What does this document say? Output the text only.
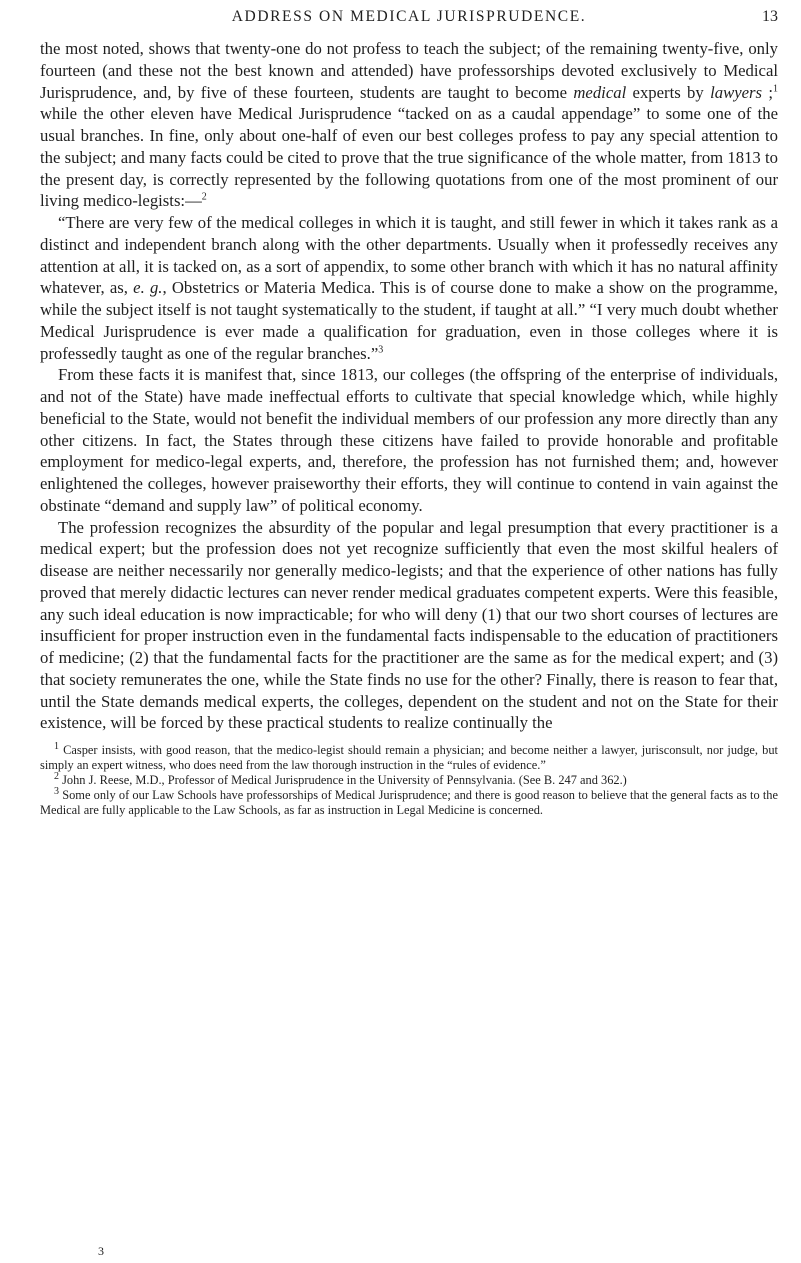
ADDRESS ON MEDICAL JURISPRUDENCE.	13

the most noted, shows that twenty-one do not profess to teach the subject; of the remaining twenty-five, only fourteen (and these not the best known and attended) have professorships devoted exclusively to Medical Jurisprudence, and, by five of these fourteen, students are taught to become medical experts by lawyers ;$^1$ while the other eleven have Medical Jurisprudence “tacked on as a caudal appendage” to some one of the usual branches. In fine, only about one-half of even our best colleges profess to pay any special attention to the subject; and many facts could be cited to prove that the true significance of the whole matter, from 1813 to the present day, is correctly represented by the following quotations from one of the most prominent of our living medico-legists:—$^2$

“There are very few of the medical colleges in which it is taught, and still fewer in which it takes rank as a distinct and independent branch along with the other departments. Usually when it professedly receives any attention at all, it is tacked on, as a sort of appendix, to some other branch with which it has no natural affinity whatever, as, e. g., Obstetrics or Materia Medica. This is of course done to make a show on the programme, while the subject itself is not taught systematically to the student, if taught at all.” “I very much doubt whether Medical Jurisprudence is ever made a qualification for graduation, even in those colleges where it is professedly taught as one of the regular branches.”$^3$

From these facts it is manifest that, since 1813, our colleges (the offspring of the enterprise of individuals, and not of the State) have made ineffectual efforts to cultivate that special knowledge which, while highly beneficial to the State, would not benefit the individual members of our profession any more directly than any other citizens. In fact, the States through these citizens have failed to provide honorable and profitable employment for medico-legal experts, and, therefore, the profession has not furnished them; and, however enlightened the colleges, however praiseworthy their efforts, they will continue to contend in vain against the obstinate “demand and supply law” of political economy.

The profession recognizes the absurdity of the popular and legal presumption that every practitioner is a medical expert; but the profession does not yet recognize sufficiently that even the most skilful healers of disease are neither necessarily nor generally medico-legists; and that the experience of other nations has fully proved that merely didactic lectures can never render medical graduates competent experts. Were this feasible, any such ideal education is now impracticable; for who will deny (1) that our two short courses of lectures are insufficient for proper instruction even in the fundamental facts indispensable to the education of practitioners of medicine; (2) that the fundamental facts for the practitioner are the same as for the medical expert; and (3) that society remunerates the one, while the State finds no use for the other? Finally, there is reason to fear that, until the State demands medical experts, the colleges, dependent on the student and not on the State for their existence, will be forced by these practical students to realize continually the

$^1$ Casper insists, with good reason, that the medico-legist should remain a physician; and become neither a lawyer, jurisconsult, nor judge, but simply an expert witness, who does need from the law thorough instruction in the “rules of evidence.”

$^2$ John J. Reese, M.D., Professor of Medical Jurisprudence in the University of Pennsylvania. (See B. 247 and 362.)

$^3$ Some only of our Law Schools have professorships of Medical Jurisprudence; and there is good reason to believe that the general facts as to the Medical are fully applicable to the Law Schools, as far as instruction in Legal Medicine is concerned.

3
